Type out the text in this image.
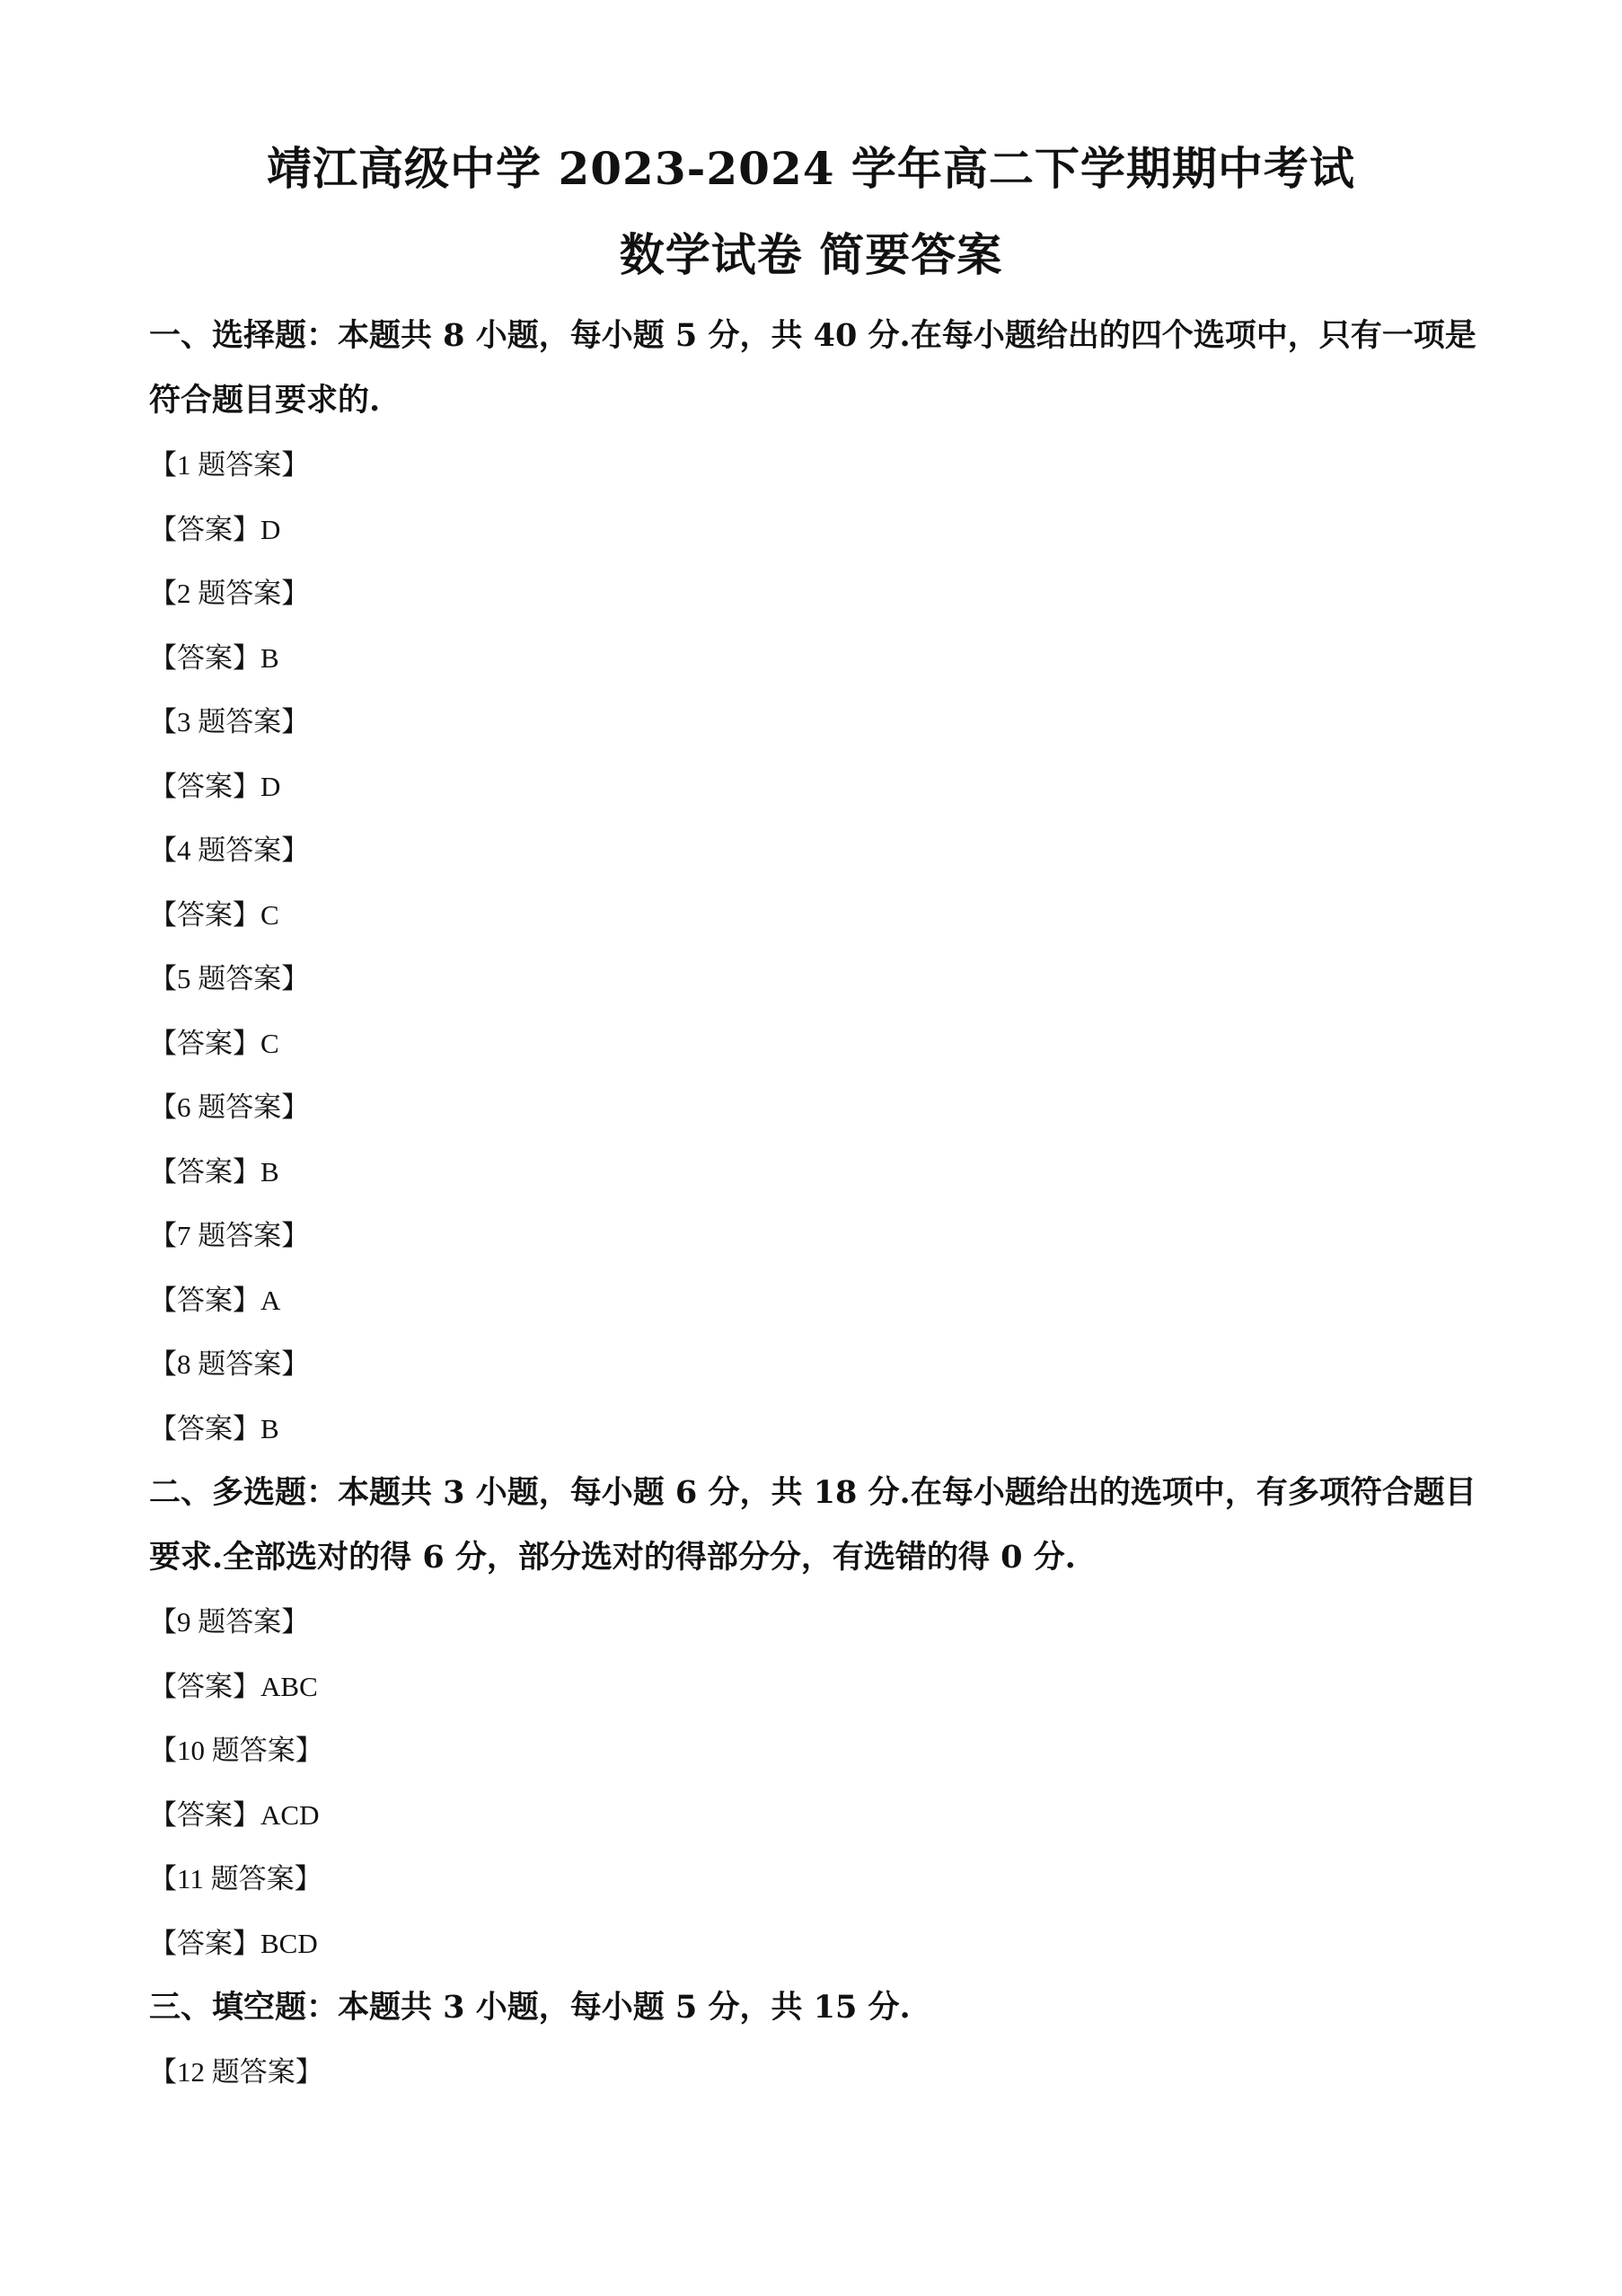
靖江高级中学 2023-2024 学年高二下学期期中考试
数学试卷 简要答案

一、选择题：本题共 8 小题，每小题 5 分，共 40 分.在每小题给出的四个选项中，只有一项是

符合题目要求的.

【1 题答案】

【答案】D

【2 题答案】

【答案】B

【3 题答案】

【答案】D

【4 题答案】

【答案】C

【5 题答案】

【答案】C

【6 题答案】

【答案】B

【7 题答案】

【答案】A

【8 题答案】

【答案】B

二、多选题：本题共 3 小题，每小题 6 分，共 18 分.在每小题给出的选项中，有多项符合题目

要求.全部选对的得 6 分，部分选对的得部分分，有选错的得 0 分.

【9 题答案】

【答案】ABC

【10 题答案】

【答案】ACD

【11 题答案】

【答案】BCD

三、填空题：本题共 3 小题，每小题 5 分，共 15 分.

【12 题答案】
